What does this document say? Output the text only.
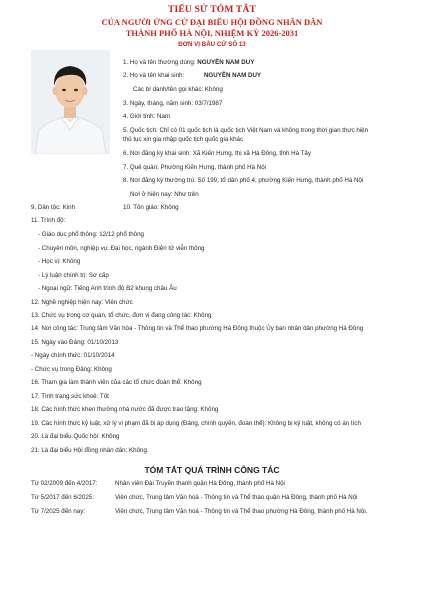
TIỂU SỬ TÓM TẮT
CỦA NGƯỜI ỨNG CỬ ĐẠI BIỂU HỘI ĐỒNG NHÂN DÂN
THÀNH PHỐ HÀ NỘI, NHIỆM KỲ 2026-2031
ĐƠN VỊ BẦU CỬ SỐ 13
1. Họ và tên thường dùng: NGUYỄN NAM DUY
2. Họ và tên khai sinh:	NGUYỄN NAM DUY
Các bí danh/tên gọi khác: Không
3. Ngày, tháng, năm sinh: 03/7/1987
4. Giới tính: Nam
5. Quốc tịch: Chỉ có 01 quốc tịch là quốc tịch Việt Nam và không trong thời gian thực hiện
thủ tục xin gia nhập quốc tịch quốc gia khác
6. Nơi đăng ký khai sinh: Xã Kiến Hưng, thị xã Hà Đông, tỉnh Hà Tây
7. Quê quán: Phường Kiến Hưng, thành phố Hà Nội
8. Nơi đăng ký thường trú: Số 199, tổ dân phố 4, phường Kiến Hưng, thành phố Hà Nội
Nơi ở hiện nay: Như trên
9. Dân tộc: Kinh	10. Tôn giáo: Không
11. Trình độ:
- Giáo dục phổ thông: 12/12 phổ thông
- Chuyên môn, nghiệp vụ: Đại học, ngành Điện tử viễn thông
- Học vị: Không
- Lý luận chính trị: Sơ cấp
- Ngoại ngữ: Tiếng Anh trình độ B2 khung châu Âu
12. Nghề nghiệp hiện nay: Viên chức
13. Chức vụ trong cơ quan, tổ chức, đơn vị đang công tác: Không
14. Nơi công tác: Trung tâm Văn hóa - Thông tin và Thể thao phường Hà Đông thuộc Ủy ban nhân dân phường Hà Đông
15. Ngày vào Đảng: 01/10/2013
- Ngày chính thức: 01/10/2014
- Chức vụ trong Đảng: Không
16. Tham gia làm thành viên của các tổ chức đoàn thể: Không
17. Tình trạng sức khoẻ: Tốt
18. Các hình thức khen thưởng nhà nước đã được trao tặng: Không
19. Các hình thức kỷ luật, xử lý vi phạm đã bị áp dụng (Đảng, chính quyền, đoàn thể): Không bị kỷ luật, không có án tích
20. Là đại biểu Quốc hội: Không
21. Là đại biểu Hội đồng nhân dân: Không.
TÓM TẮT QUÁ TRÌNH CÔNG TÁC
Từ 02/2009 đến 4/2017:	Nhân viên Đài Truyền thanh quận Hà Đông, thành phố Hà Nội
Từ 5/2017 đến 6/2025:	Viên chức, Trung tâm Văn hoá - Thông tin và Thể thao quận Hà Đông, thành phố Hà Nội
Từ 7/2025 đến nay:	Viên chức, Trung tâm Văn hoá - Thông tin và Thể thao phường Hà Đông, thành phố Hà Nội.
